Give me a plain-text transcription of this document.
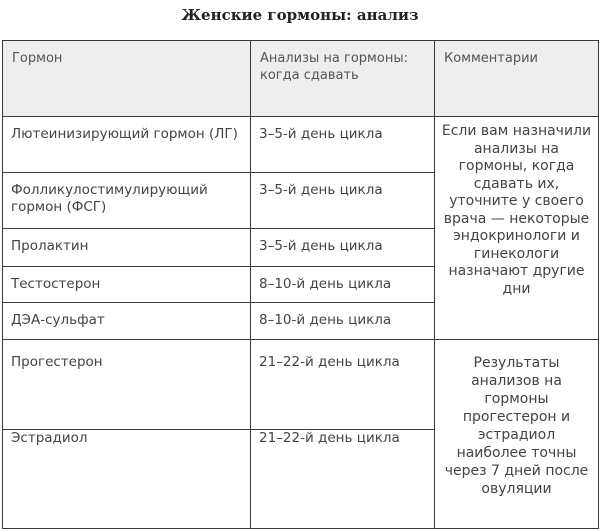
Женские гормоны: анализ
Гормон	Анализы на гормоны: когда сдавать	Комментарии

Лютеинизирующий гормон (ЛГ)	3–5-й день цикла	Если вам назначили анализы на гормоны, когда сдавать их, уточните у своего врача — некоторые эндокринологи и гинекологи назначают другие дни

Фолликулостимулирующий гормон (ФСГ)	3–5-й день цикла	

Пролактин	3–5-й день цикла	

Тестостерон	8–10-й день цикла	

ДЭА-сульфат	8–10-й день цикла	

Прогестерон	21–22-й день цикла	Результаты анализов на гормоны прогестерон и эстрадиол наиболее точны через 7 дней после овуляции

Эстрадиол	21–22-й день цикла	
